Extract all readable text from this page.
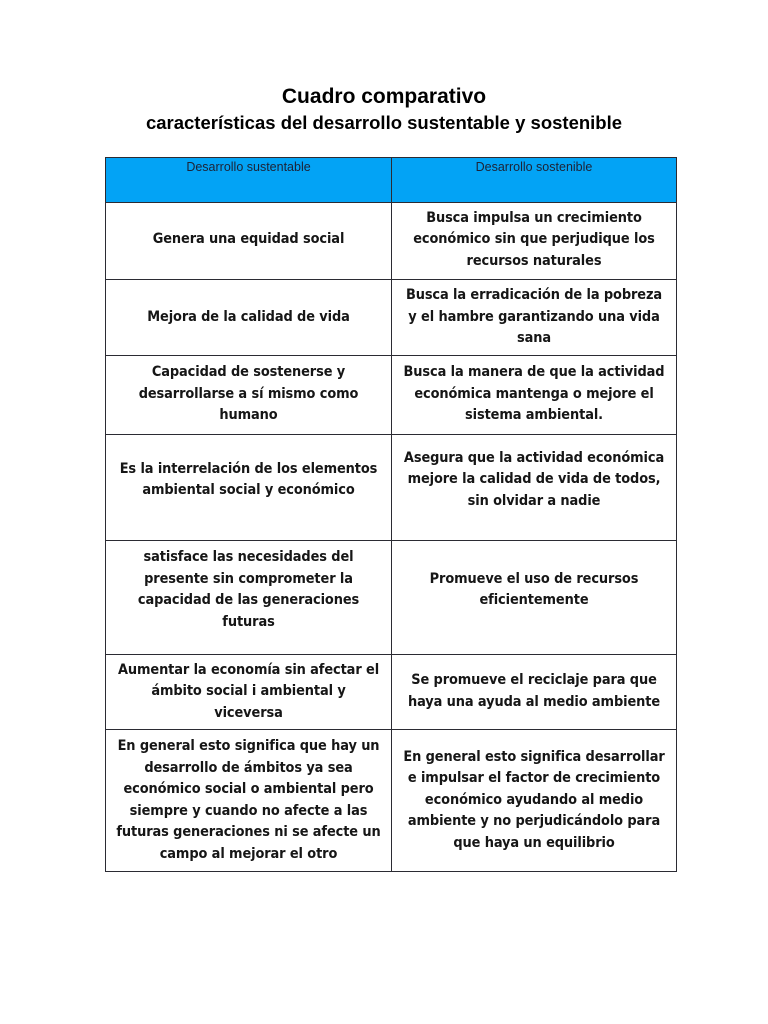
Cuadro comparativo
características del desarrollo sustentable y sostenible
Desarrollo sustentable	Desarrollo sostenible

Genera una equidad social	Busca impulsa un crecimiento económico sin que perjudique los recursos naturales

Mejora de la calidad de vida	Busca la erradicación de la pobreza y el hambre garantizando una vida sana

Capacidad de sostenerse y desarrollarse a sí mismo como humano	Busca la manera de que la actividad económica mantenga o mejore el sistema ambiental.

Es la interrelación de los elementos ambiental social y económico	Asegura que la actividad económica mejore la calidad de vida de todos, sin olvidar a nadie

satisface las necesidades del presente sin comprometer la capacidad de las generaciones futuras	Promueve el uso de recursos eficientemente

Aumentar la economía sin afectar el ámbito social i ambiental y viceversa	Se promueve el reciclaje para que haya una ayuda al medio ambiente

En general esto significa que hay un desarrollo de ámbitos ya sea económico social o ambiental pero siempre y cuando no afecte a las futuras generaciones ni se afecte un campo al mejorar el otro	En general esto significa desarrollar e impulsar el factor de crecimiento económico ayudando al medio ambiente y no perjudicándolo para que haya un equilibrio
